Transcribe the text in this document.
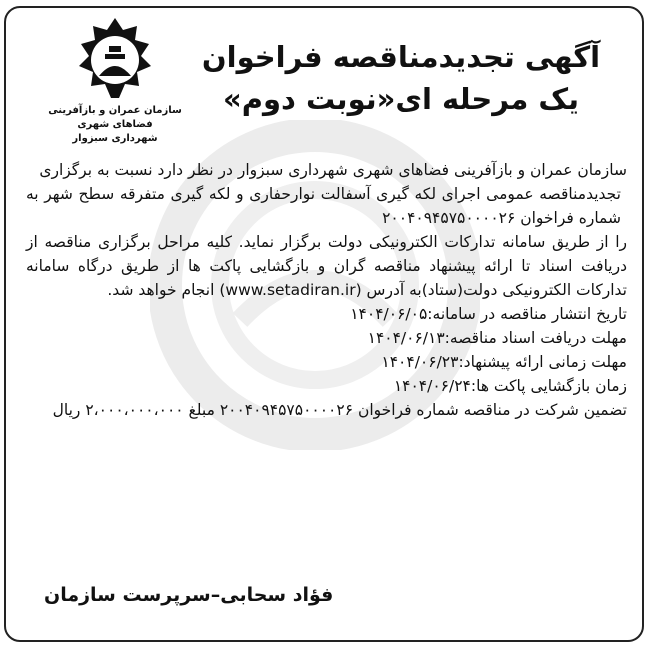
سازمان عمران و بازآفرینی فضاهای شهری
شهرداری سبزوار
آگهی تجدیدمناقصه فراخوان
یک مرحله ای«نوبت دوم»

سازمان عمران و بازآفرینی فضاهای شهری شهرداری سبزوار در نظر دارد نسبت به برگزاری

تجدیدمناقصه عمومی اجرای لکه گیری آسفالت نوارحفاری و لکه گیری متفرقه سطح شهر به شماره فراخوان ۲۰۰۴۰۹۴۵۷۵۰۰۰۰۲۶

را از طریق سامانه تدارکات الکترونیکی دولت برگزار نماید. کلیه مراحل برگزاری مناقصه از دریافت اسناد تا ارائه پیشنهاد مناقصه گران و بازگشایی پاکت ها از طریق درگاه سامانه تدارکات الکترونیکی دولت(ستاد)به آدرس (www.setadiran.ir) انجام خواهد شد.

تاریخ انتشار مناقصه در سامانه:۱۴۰۴/۰۶/۰۵

مهلت دریافت اسناد مناقصه:۱۴۰۴/۰۶/۱۳

مهلت زمانی ارائه پیشنهاد:۱۴۰۴/۰۶/۲۳

زمان بازگشایی پاکت ها:۱۴۰۴/۰۶/۲۴

تضمین شرکت در مناقصه شماره فراخوان ۲۰۰۴۰۹۴۵۷۵۰۰۰۰۲۶ مبلغ ۲،۰۰۰،۰۰۰،۰۰۰ ریال

فؤاد سحابی–سرپرست سازمان
